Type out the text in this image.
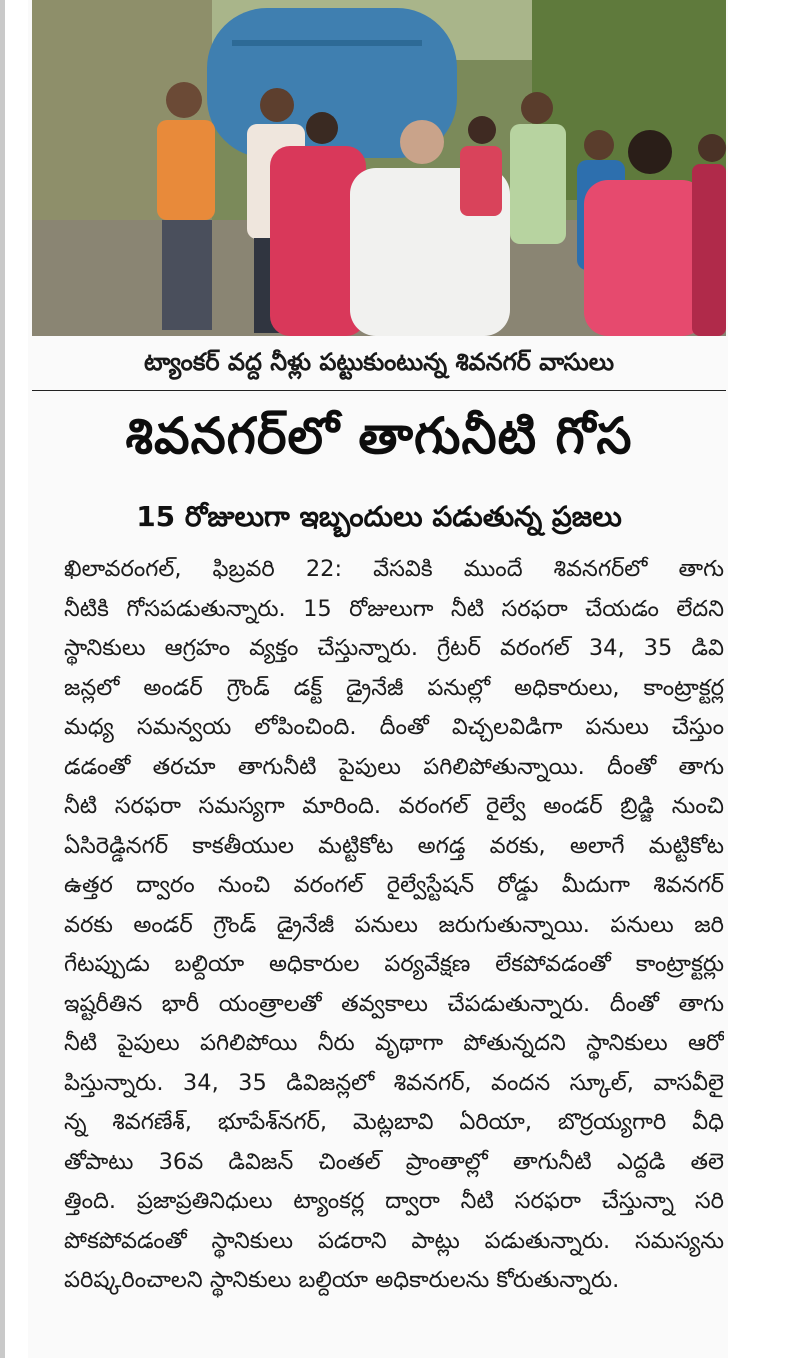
ట్యాంకర్ వద్ద నీళ్లు పట్టుకుంటున్న శివనగర్ వాసులు
శివనగర్‌లో తాగునీటి గోస
15 రోజులుగా ఇబ్బందులు పడుతున్న ప్రజలు
ఖిలావరంగల్, ఫిబ్రవరి 22: వేసవికి ముందే శివనగర్‌లో తాగు
నీటికి గోసపడుతున్నారు. 15 రోజులుగా నీటి సరఫరా చేయడం లేదని
స్థానికులు ఆగ్రహం వ్యక్తం చేస్తున్నారు. గ్రేటర్ వరంగల్ 34, 35 డివి
జన్లలో అండర్ గ్రౌండ్ డక్ట్ డ్రైనేజీ పనుల్లో అధికారులు, కాంట్రాక్టర్ల
మధ్య సమన్వయ లోపించింది. దీంతో విచ్చలవిడిగా పనులు చేస్తుం
డడంతో తరచూ తాగునీటి పైపులు పగిలిపోతున్నాయి. దీంతో తాగు
నీటి సరఫరా సమస్యగా మారింది. వరంగల్ రైల్వే అండర్ బ్రిడ్జి నుంచి
ఏసిరెడ్డినగర్ కాకతీయుల మట్టికోట అగడ్త వరకు, అలాగే మట్టికోట
ఉత్తర ద్వారం నుంచి వరంగల్ రైల్వేస్టేషన్ రోడ్డు మీదుగా శివనగర్
వరకు అండర్ గ్రౌండ్ డ్రైనేజీ పనులు జరుగుతున్నాయి. పనులు జరి
గేటప్పుడు బల్దియా అధికారుల పర్యవేక్షణ లేకపోవడంతో కాంట్రాక్టర్లు
ఇష్టరీతిన భారీ యంత్రాలతో తవ్వకాలు చేపడుతున్నారు. దీంతో తాగు
నీటి పైపులు పగిలిపోయి నీరు వృథాగా పోతున్నదని స్థానికులు ఆరో
పిస్తున్నారు. 34, 35 డివిజన్లలో శివనగర్, వందన స్కూల్, వాసవీలై
న్న శివగణేశ్, భూపేశ్‌నగర్, మెట్లబావి ఏరియా, బొర్రయ్యగారి వీధి
తోపాటు 36వ డివిజన్ చింతల్ ప్రాంతాల్లో తాగునీటి ఎద్దడి తలె
త్తింది. ప్రజాప్రతినిధులు ట్యాంకర్ల ద్వారా నీటి సరఫరా చేస్తున్నా సరి
పోకపోవడంతో స్థానికులు పడరాని పాట్లు పడుతున్నారు. సమస్యను
పరిష్కరించాలని స్థానికులు బల్దియా అధికారులను కోరుతున్నారు.
